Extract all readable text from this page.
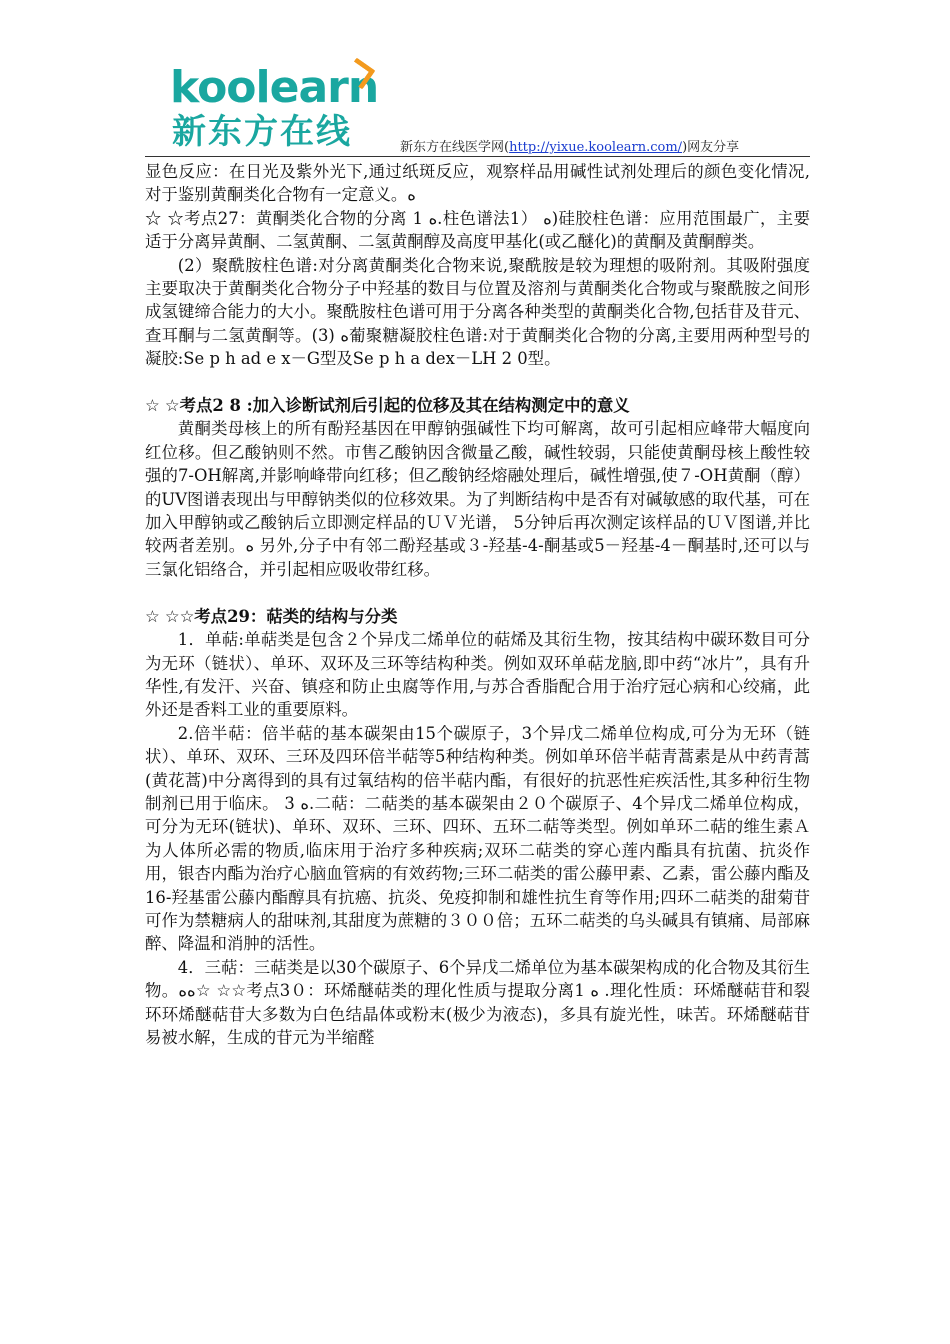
koolearn
新东方在线	新东方在线医学网(http://yixue.koolearn.com/)网友分享

显色反应：在日光及紫外光下,通过纸斑反应，观察样品用碱性试剂处理后的颜色变化情况,对于鉴别黄酮类化合物有一定意义。ﻩ

☆ ☆考点27：黄酮类化合物的分离 1 ﻩ.柱色谱法1） ﻩ)硅胶柱色谱：应用范围最广，主要适于分离异黄酮、二氢黄酮、二氢黄酮醇及高度甲基化(或乙醚化)的黄酮及黄酮醇类。

(2）聚酰胺柱色谱:对分离黄酮类化合物来说,聚酰胺是较为理想的吸附剂。其吸附强度主要取决于黄酮类化合物分子中羟基的数目与位置及溶剂与黄酮类化合物或与聚酰胺之间形成氢键缔合能力的大小。聚酰胺柱色谱可用于分离各种类型的黄酮类化合物,包括苷及苷元、查耳酮与二氢黄酮等。(3) ﻩ葡聚糖凝胶柱色谱:对于黄酮类化合物的分离,主要用两种型号的凝胶:Se p h ad e x－G型及Se p h a dex－LH 2 0型。

☆ ☆考点2 8 :加入诊断试剂后引起的位移及其在结构测定中的意义

黄酮类母核上的所有酚羟基因在甲醇钠强碱性下均可解离，故可引起相应峰带大幅度向红位移。但乙酸钠则不然。市售乙酸钠因含微量乙酸，碱性较弱，只能使黄酮母核上酸性较强的7-OH解离,并影响峰带向红移；但乙酸钠经熔融处理后，碱性增强,使７-OH黄酮（醇）的UV图谱表现出与甲醇钠类似的位移效果。为了判断结构中是否有对碱敏感的取代基，可在加入甲醇钠或乙酸钠后立即测定样品的ＵＶ光谱， 5分钟后再次测定该样品的ＵＶ图谱,并比较两者差别。ﻩ 另外,分子中有邻二酚羟基或３-羟基-4-酮基或5－羟基-4－酮基时,还可以与三氯化铝络合，并引起相应吸收带红移。

☆ ☆☆考点29：萜类的结构与分类

1．单萜:单萜类是包含２个异戊二烯单位的萜烯及其衍生物，按其结构中碳环数目可分为无环（链状）、单环、双环及三环等结构种类。例如双环单萜龙脑,即中药“冰片”，具有升华性,有发汗、兴奋、镇痉和防止虫腐等作用,与苏合香脂配合用于治疗冠心病和心绞痛，此外还是香料工业的重要原料。

2.倍半萜：倍半萜的基本碳架由15个碳原子，3个异戊二烯单位构成,可分为无环（链状）、单环、双环、三环及四环倍半萜等5种结构种类。例如单环倍半萜青蒿素是从中药青蒿(黄花蒿)中分离得到的具有过氧结构的倍半萜内酯，有很好的抗恶性疟疾活性,其多种衍生物制剂已用于临床。 3 ﻩ.二萜：二萜类的基本碳架由２０个碳原子、4个异戊二烯单位构成，可分为无环(链状)、单环、双环、三环、四环、五环二萜等类型。例如单环二萜的维生素Ａ为人体所必需的物质,临床用于治疗多种疾病;双环二萜类的穿心莲内酯具有抗菌、抗炎作用，银杏内酯为治疗心脑血管病的有效药物;三环二萜类的雷公藤甲素、乙素，雷公藤内酯及16-羟基雷公藤内酯醇具有抗癌、抗炎、免疫抑制和雄性抗生育等作用;四环二萜类的甜菊苷可作为禁糖病人的甜味剂,其甜度为蔗糖的３００倍；五环二萜类的乌头碱具有镇痛、局部麻醉、降温和消肿的活性。

4．三萜：三萜类是以30个碳原子、6个异戊二烯单位为基本碳架构成的化合物及其衍生物。ﻩﻩ☆ ☆☆考点3０：环烯醚萜类的理化性质与提取分离ﻩ 1 .理化性质：环烯醚萜苷和裂环环烯醚萜苷大多数为白色结晶体或粉末(极少为液态)，多具有旋光性，味苦。环烯醚萜苷易被水解，生成的苷元为半缩醛
